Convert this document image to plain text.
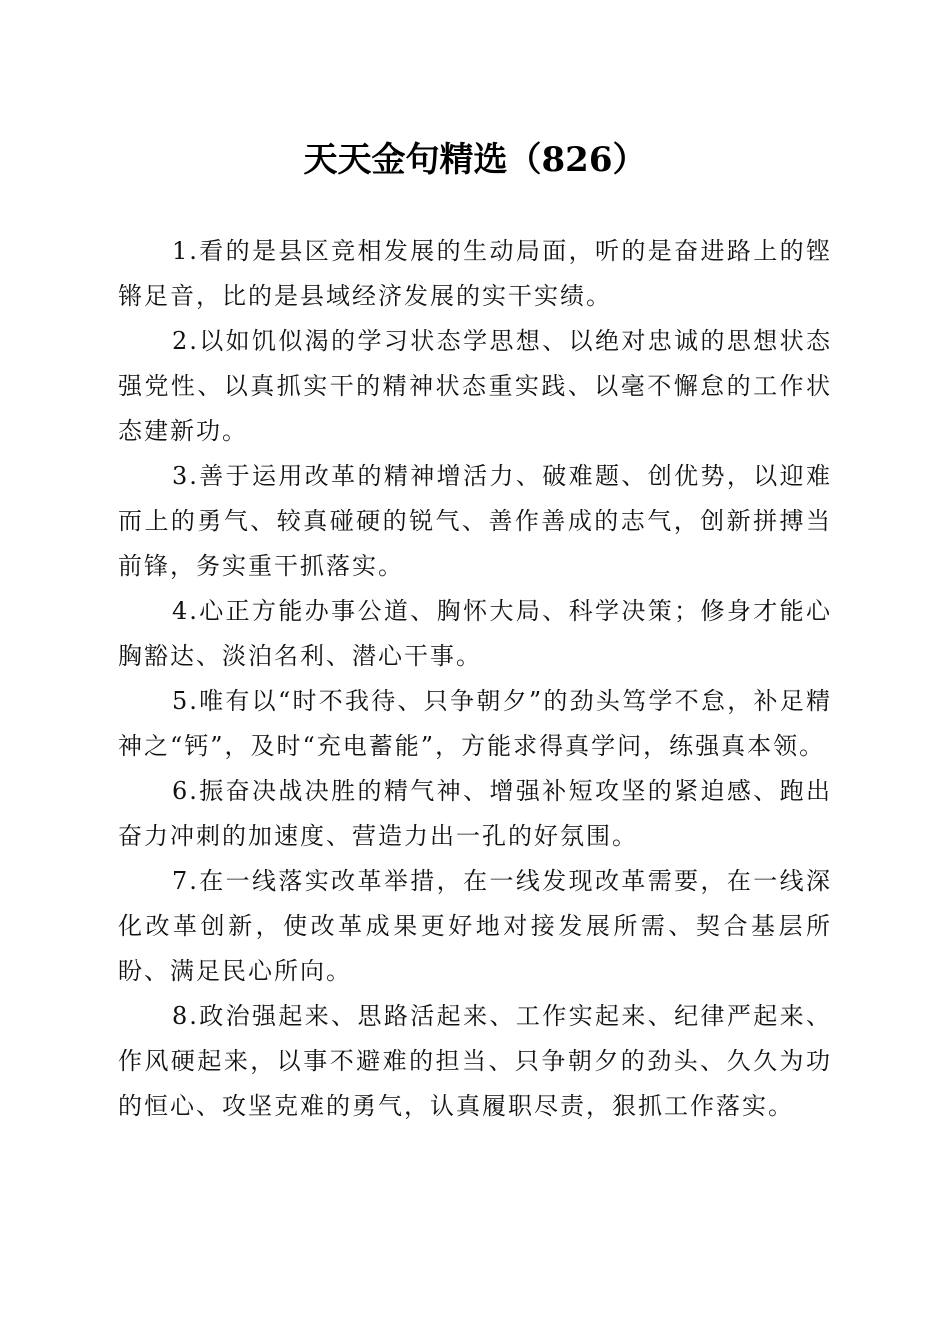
天天金句精选（826）

1.看的是县区竞相发展的生动局面，听的是奋进路上的铿锵足音，比的是县域经济发展的实干实绩。

2.以如饥似渴的学习状态学思想、以绝对忠诚的思想状态强党性、以真抓实干的精神状态重实践、以毫不懈怠的工作状态建新功。

3.善于运用改革的精神增活力、破难题、创优势，以迎难而上的勇气、较真碰硬的锐气、善作善成的志气，创新拼搏当前锋，务实重干抓落实。

4.心正方能办事公道、胸怀大局、科学决策；修身才能心胸豁达、淡泊名利、潜心干事。

5.唯有以“时不我待、只争朝夕”的劲头笃学不怠，补足精神之“钙”，及时“充电蓄能”，方能求得真学问，练强真本领。

6.振奋决战决胜的精气神、增强补短攻坚的紧迫感、跑出奋力冲刺的加速度、营造力出一孔的好氛围。

7.在一线落实改革举措，在一线发现改革需要，在一线深化改革创新，使改革成果更好地对接发展所需、契合基层所盼、满足民心所向。

8.政治强起来、思路活起来、工作实起来、纪律严起来、作风硬起来，以事不避难的担当、只争朝夕的劲头、久久为功的恒心、攻坚克难的勇气，认真履职尽责，狠抓工作落实。
